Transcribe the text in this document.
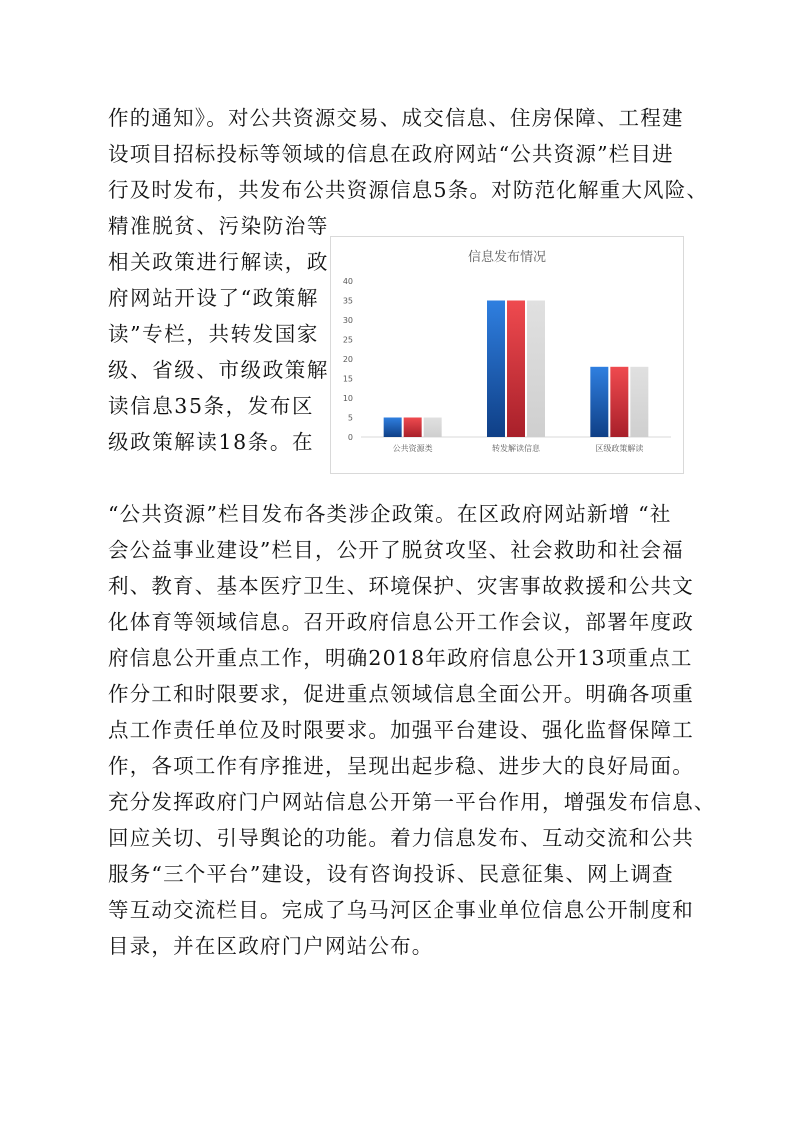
作的通知》。对公共资源交易、成交信息、住房保障、工程建
设项目招标投标等领域的信息在政府网站“公共资源”栏目进
行及时发布，共发布公共资源信息5条。对防范化解重大风险、
精准脱贫、污染防治等
相关政策进行解读，政
府网站开设了“政策解
读”专栏，共转发国家
级、省级、市级政策解
读信息35条，发布区
级政策解读18条。在
“公共资源”栏目发布各类涉企政策。在区政府网站新增 “社
会公益事业建设”栏目，公开了脱贫攻坚、社会救助和社会福
利、教育、基本医疗卫生、环境保护、灾害事故救援和公共文
化体育等领域信息。召开政府信息公开工作会议，部署年度政
府信息公开重点工作，明确2018年政府信息公开13项重点工
作分工和时限要求，促进重点领域信息全面公开。明确各项重
点工作责任单位及时限要求。加强平台建设、强化监督保障工
作，各项工作有序推进，呈现出起步稳、进步大的良好局面。
充分发挥政府门户网站信息公开第一平台作用，增强发布信息、
回应关切、引导舆论的功能。着力信息发布、互动交流和公共
服务“三个平台”建设，设有咨询投诉、民意征集、网上调查
等互动交流栏目。完成了乌马河区企事业单位信息公开制度和
目录，并在区政府门户网站公布。
信息发布情况
0
5
10
15
20
25
30
35
40
公共资源类	转发解读信息	区级政策解读
